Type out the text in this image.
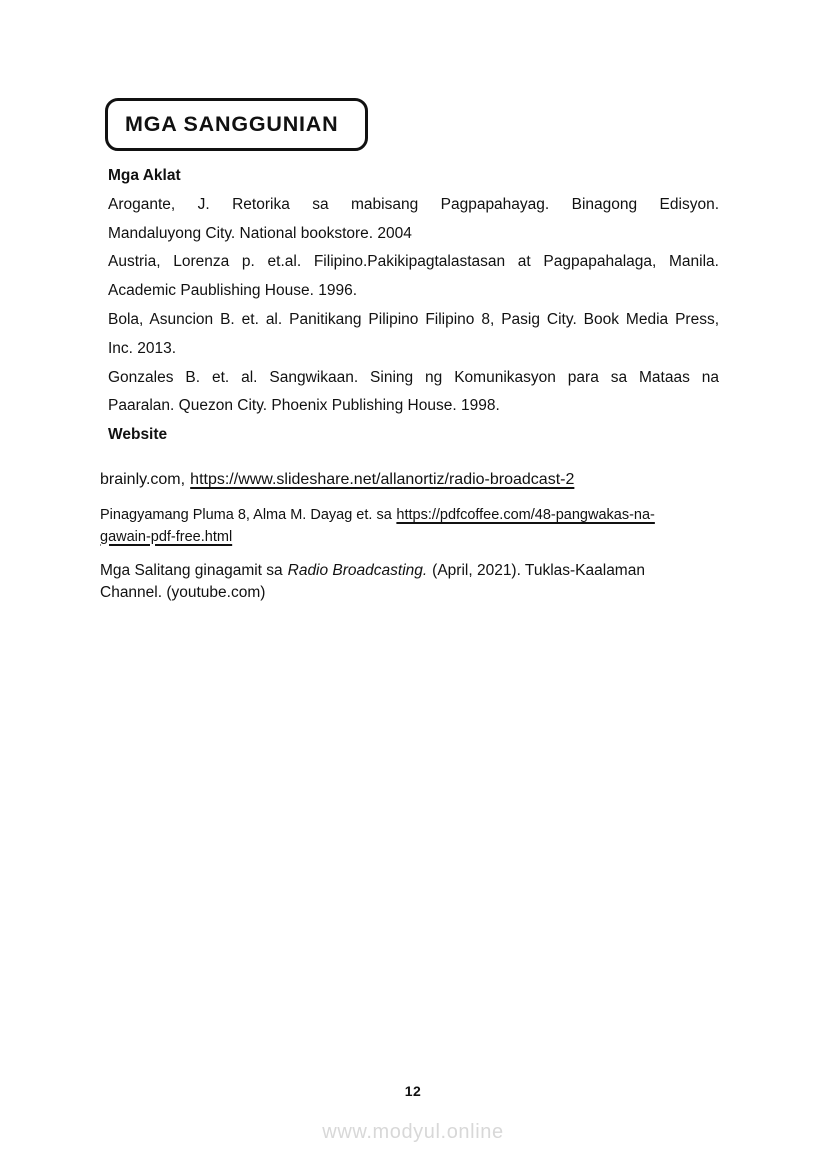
MGA SANGGUNIAN
Mga Aklat
Arogante, J. Retorika sa mabisang Pagpapahayag. Binagong Edisyon.
Mandaluyong City. National bookstore. 2004
Austria, Lorenza p. et.al. Filipino.Pakikipagtalastasan at Pagpapahalaga, Manila.
Academic Paublishing House. 1996.
Bola, Asuncion B. et. al. Panitikang Pilipino Filipino 8, Pasig City. Book Media Press,
Inc. 2013.
Gonzales B. et. al. Sangwikaan. Sining ng Komunikasyon para sa Mataas na
Paaralan. Quezon City. Phoenix Publishing House. 1998.
Website
brainly.com, https://www.slideshare.net/allanortiz/radio-broadcast-2
Pinagyamang Pluma 8, Alma M. Dayag et. sa https://pdfcoffee.com/48-pangwakas-na-
gawain-pdf-free.html
Mga Salitang ginagamit sa Radio Broadcasting. (April, 2021). Tuklas-Kaalaman
Channel. (youtube.com)
12
www.modyul.online
